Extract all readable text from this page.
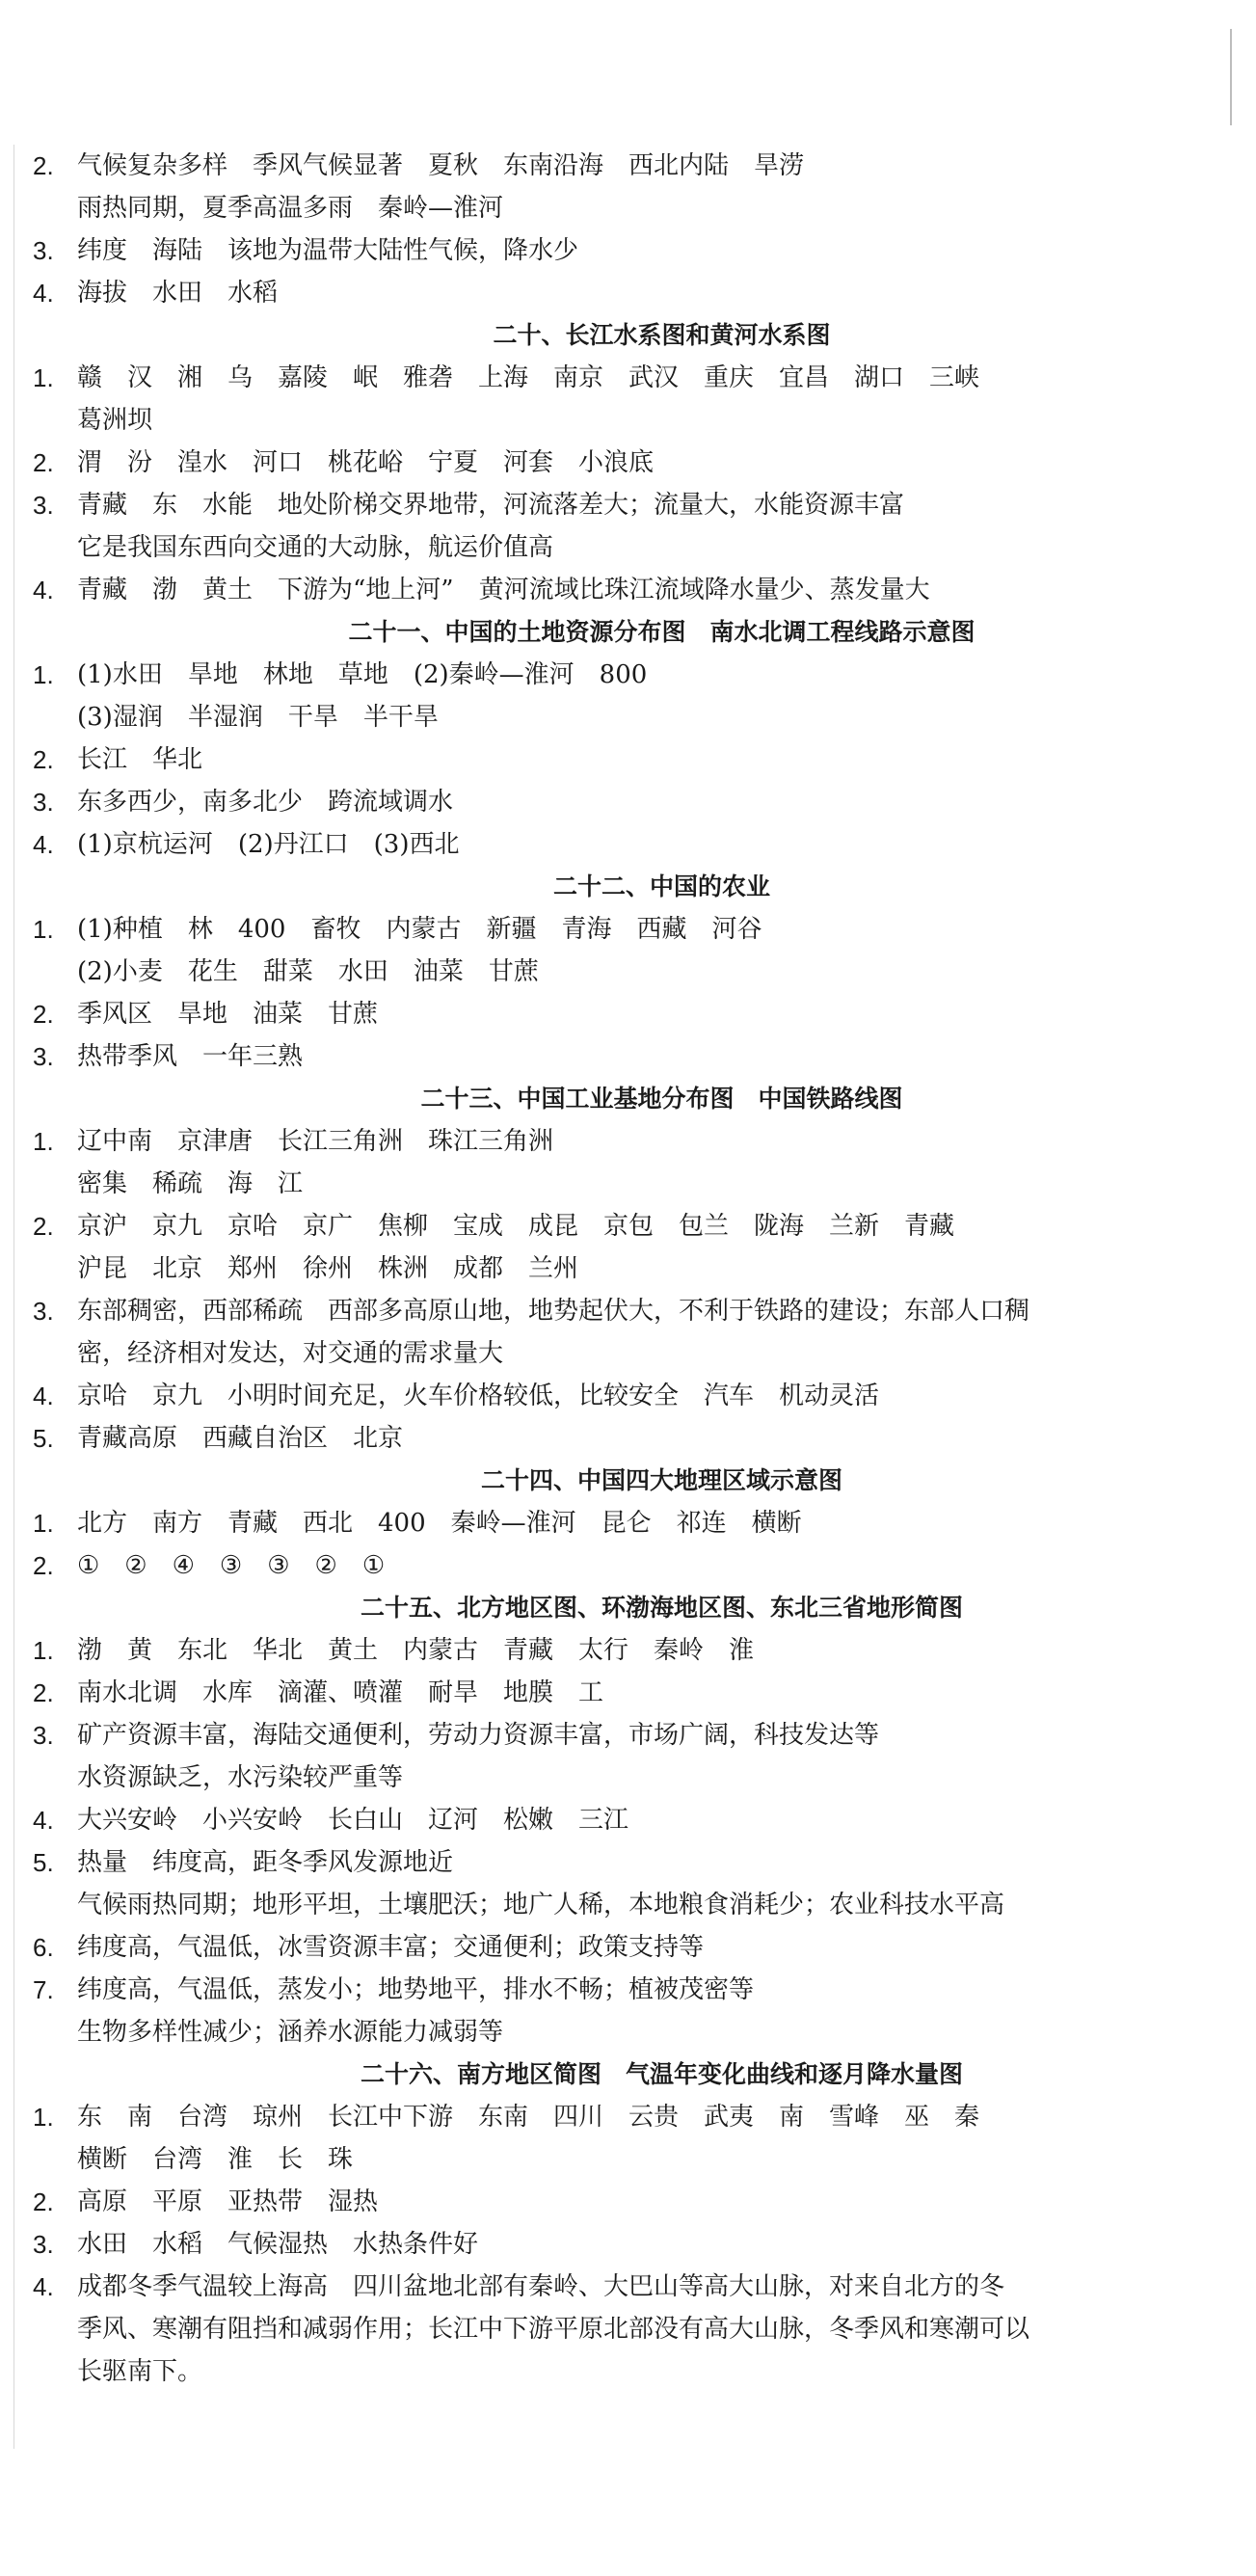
2. 气候复杂多样　季风气候显著　夏秋　东南沿海　西北内陆　旱涝
雨热同期，夏季高温多雨　秦岭—淮河
3. 纬度　海陆　该地为温带大陆性气候，降水少
4. 海拔　水田　水稻
二十、长江水系图和黄河水系图
1. 赣　汉　湘　乌　嘉陵　岷　雅砻　上海　南京　武汉　重庆　宜昌　湖口　三峡
葛洲坝
2. 渭　汾　湟水　河口　桃花峪　宁夏　河套　小浪底
3. 青藏　东　水能　地处阶梯交界地带，河流落差大；流量大，水能资源丰富
它是我国东西向交通的大动脉，航运价值高
4. 青藏　渤　黄土　下游为“地上河”　黄河流域比珠江流域降水量少、蒸发量大
二十一、中国的土地资源分布图　南水北调工程线路示意图
1. (1)水田　旱地　林地　草地　(2)秦岭—淮河　800
(3)湿润　半湿润　干旱　半干旱
2. 长江　华北
3. 东多西少，南多北少　跨流域调水
4. (1)京杭运河　(2)丹江口　(3)西北
二十二、中国的农业
1. (1)种植　林　400　畜牧　内蒙古　新疆　青海　西藏　河谷
(2)小麦　花生　甜菜　水田　油菜　甘蔗
2. 季风区　旱地　油菜　甘蔗
3. 热带季风　一年三熟
二十三、中国工业基地分布图　中国铁路线图
1. 辽中南　京津唐　长江三角洲　珠江三角洲
密集　稀疏　海　江
2. 京沪　京九　京哈　京广　焦柳　宝成　成昆　京包　包兰　陇海　兰新　青藏
沪昆　北京　郑州　徐州　株洲　成都　兰州
3. 东部稠密，西部稀疏　西部多高原山地，地势起伏大，不利于铁路的建设；东部人口稠
密，经济相对发达，对交通的需求量大
4. 京哈　京九　小明时间充足，火车价格较低，比较安全　汽车　机动灵活
5. 青藏高原　西藏自治区　北京
二十四、中国四大地理区域示意图
1. 北方　南方　青藏　西北　400　秦岭—淮河　昆仑　祁连　横断
2. ①　②　④　③　③　②　①
二十五、北方地区图、环渤海地区图、东北三省地形简图
1. 渤　黄　东北　华北　黄土　内蒙古　青藏　太行　秦岭　淮
2. 南水北调　水库　滴灌、喷灌　耐旱　地膜　工
3. 矿产资源丰富，海陆交通便利，劳动力资源丰富，市场广阔，科技发达等
水资源缺乏，水污染较严重等
4. 大兴安岭　小兴安岭　长白山　辽河　松嫩　三江
5. 热量　纬度高，距冬季风发源地近
气候雨热同期；地形平坦，土壤肥沃；地广人稀，本地粮食消耗少；农业科技水平高
6. 纬度高，气温低，冰雪资源丰富；交通便利；政策支持等
7. 纬度高，气温低，蒸发小；地势地平，排水不畅；植被茂密等
生物多样性减少；涵养水源能力减弱等
二十六、南方地区简图　气温年变化曲线和逐月降水量图
1. 东　南　台湾　琼州　长江中下游　东南　四川　云贵　武夷　南　雪峰　巫　秦
横断　台湾　淮　长　珠
2. 高原　平原　亚热带　湿热
3. 水田　水稻　气候湿热　水热条件好
4. 成都冬季气温较上海高　四川盆地北部有秦岭、大巴山等高大山脉，对来自北方的冬
季风、寒潮有阻挡和减弱作用；长江中下游平原北部没有高大山脉，冬季风和寒潮可以
长驱南下。
